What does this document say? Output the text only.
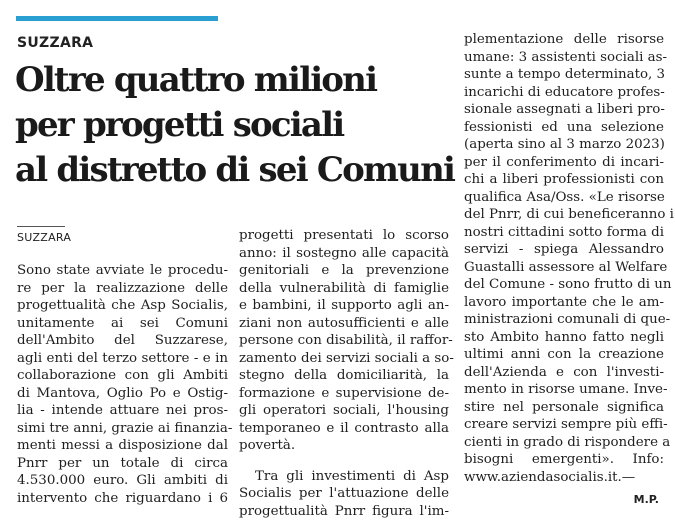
SUZZARA
Oltre quattro milioni
per progetti sociali
al distretto di sei Comuni
SUZZARA
Sono state avviate le procedu-
re per la realizzazione delle
progettualità che Asp Socialis,
unitamente ai sei Comuni
dell'Ambito del Suzzarese,
agli enti del terzo settore - e in
collaborazione con gli Ambiti
di Mantova, Oglio Po e Ostig-
lia - intende attuare nei pros-
simi tre anni, grazie ai finanzia-
menti messi a disposizione dal
Pnrr per un totale di circa
4.530.000 euro. Gli ambiti di
intervento che riguardano i 6
progetti presentati lo scorso
anno: il sostegno alle capacità
genitoriali e la prevenzione
della vulnerabilità di famiglie
e bambini, il supporto agli an-
ziani non autosufficienti e alle
persone con disabilità, il raffor-
zamento dei servizi sociali a so-
stegno della domiciliarità, la
formazione e supervisione de-
gli operatori sociali, l'housing
temporaneo e il contrasto alla
povertà.
Tra gli investimenti di Asp
Socialis per l'attuazione delle
progettualità Pnrr figura l'im-
plementazione delle risorse
umane: 3 assistenti sociali as-
sunte a tempo determinato, 3
incarichi di educatore profes-
sionale assegnati a liberi pro-
fessionisti ed una selezione
(aperta sino al 3 marzo 2023)
per il conferimento di incari-
chi a liberi professionisti con
qualifica Asa/Oss. «Le risorse
del Pnrr, di cui beneficeranno i
nostri cittadini sotto forma di
servizi - spiega Alessandro
Guastalli assessore al Welfare
del Comune - sono frutto di un
lavoro importante che le am-
ministrazioni comunali di que-
sto Ambito hanno fatto negli
ultimi anni con la creazione
dell'Azienda e con l'investi-
mento in risorse umane. Inve-
stire nel personale significa
creare servizi sempre più effi-
cienti in grado di rispondere a
bisogni emergenti». Info:
www.aziendasocialis.it.—
M.P.
